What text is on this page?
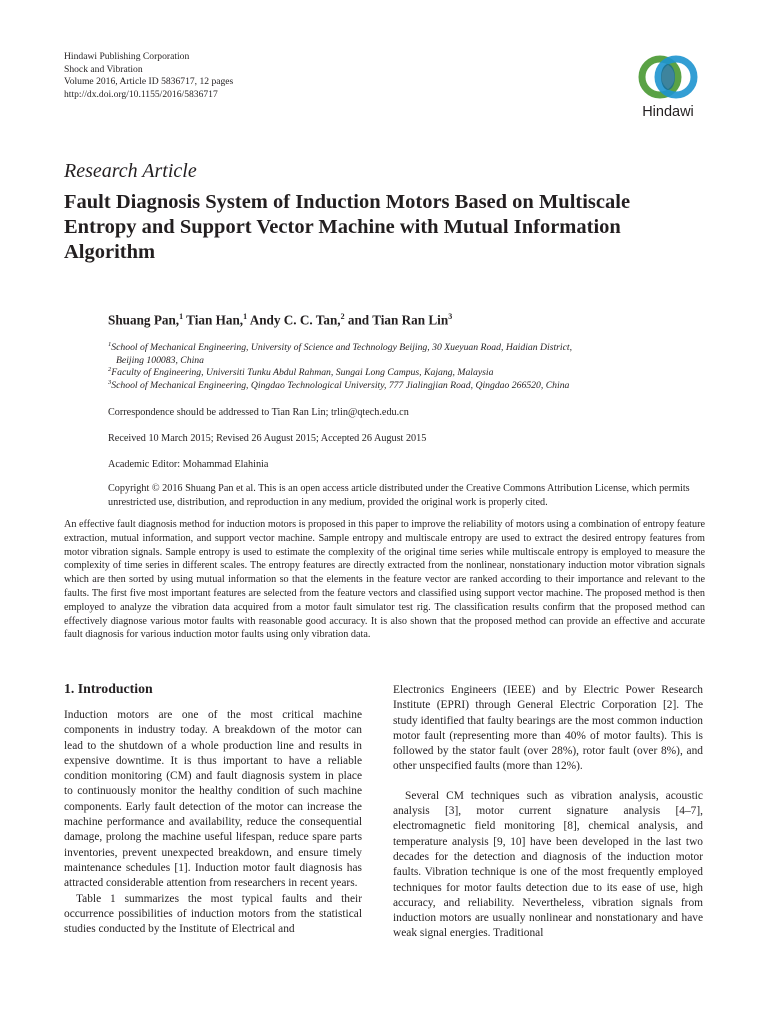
Hindawi Publishing Corporation
Shock and Vibration
Volume 2016, Article ID 5836717, 12 pages
http://dx.doi.org/10.1155/2016/5836717
Hindawi
Research Article
Fault Diagnosis System of Induction Motors Based on Multiscale Entropy and Support Vector Machine with Mutual Information Algorithm
Shuang Pan,$^1$ Tian Han,$^1$ Andy C. C. Tan,$^2$ and Tian Ran Lin$^3$
$^1$School of Mechanical Engineering, University of Science and Technology Beijing, 30 Xueyuan Road, Haidian District,
Beijing 100083, China
$^2$Faculty of Engineering, Universiti Tunku Abdul Rahman, Sungai Long Campus, Kajang, Malaysia
$^3$School of Mechanical Engineering, Qingdao Technological University, 777 Jialingjian Road, Qingdao 266520, China
Correspondence should be addressed to Tian Ran Lin; trlin@qtech.edu.cn
Received 10 March 2015; Revised 26 August 2015; Accepted 26 August 2015
Academic Editor: Mohammad Elahinia
Copyright © 2016 Shuang Pan et al. This is an open access article distributed under the Creative Commons Attribution License, which permits unrestricted use, distribution, and reproduction in any medium, provided the original work is properly cited.
An effective fault diagnosis method for induction motors is proposed in this paper to improve the reliability of motors using a combination of entropy feature extraction, mutual information, and support vector machine. Sample entropy and multiscale entropy are used to extract the desired entropy features from motor vibration signals. Sample entropy is used to estimate the complexity of the original time series while multiscale entropy is employed to measure the complexity of time series in different scales. The entropy features are directly extracted from the nonlinear, nonstationary induction motor vibration signals which are then sorted by using mutual information so that the elements in the feature vector are ranked according to their importance and relevant to the faults. The first five most important features are selected from the feature vectors and classified using support vector machine. The proposed method is then employed to analyze the vibration data acquired from a motor fault simulator test rig. The classification results confirm that the proposed method can effectively diagnose various motor faults with reasonable good accuracy. It is also shown that the proposed method can provide an effective and accurate fault diagnosis for various induction motor faults using only vibration data.
1. Introduction

Induction motors are one of the most critical machine components in industry today. A breakdown of the motor can lead to the shutdown of a whole production line and results in expensive downtime. It is thus important to have a reliable condition monitoring (CM) and fault diagnosis system in place to continuously monitor the healthy condition of such machine components. Early fault detection of the motor can increase the machine performance and availability, reduce the consequential damage, prolong the machine useful lifespan, reduce spare parts inventories, prevent unexpected breakdown, and ensure timely maintenance schedules [1]. Induction motor fault diagnosis has attracted considerable attention from researchers in recent years.

Table 1 summarizes the most typical faults and their occurrence possibilities of induction motors from the statistical studies conducted by the Institute of Electrical and

Electronics Engineers (IEEE) and by Electric Power Research Institute (EPRI) through General Electric Corporation [2]. The study identified that faulty bearings are the most common induction motor fault (representing more than 40% of motor faults). This is followed by the stator fault (over 28%), rotor fault (over 8%), and other unspecified faults (more than 12%).

Several CM techniques such as vibration analysis, acoustic analysis [3], motor current signature analysis [4–7], electromagnetic field monitoring [8], chemical analysis, and temperature analysis [9, 10] have been developed in the last two decades for the detection and diagnosis of the induction motor faults. Vibration technique is one of the most frequently employed techniques for motor faults detection due to its ease of use, high accuracy, and reliability. Nevertheless, vibration signals from induction motors are usually nonlinear and nonstationary and have weak signal energies. Traditional
